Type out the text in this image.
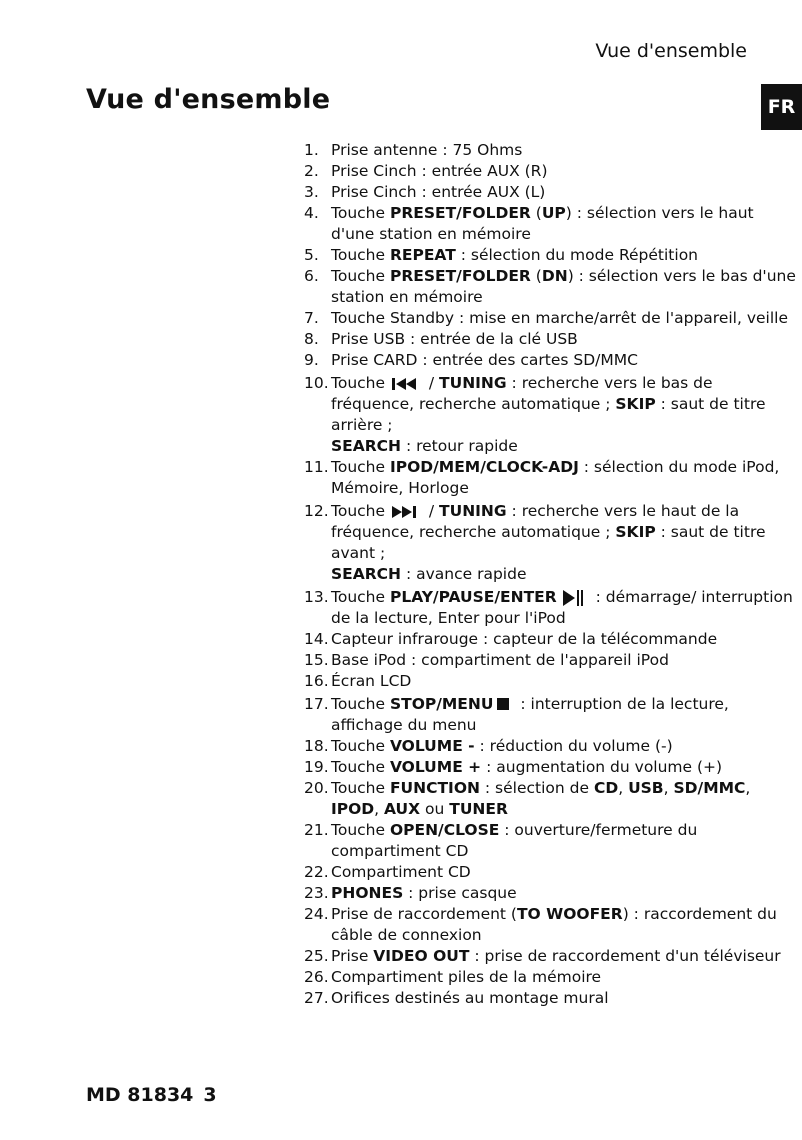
Vue d'ensemble
Vue d'ensemble	FR
1. Prise antenne : 75 Ohms
2. Prise Cinch : entrée AUX (R)
3. Prise Cinch : entrée AUX (L)
4. Touche PRESET/FOLDER (UP) : sélection vers le haut d'une station en mémoire
5. Touche REPEAT : sélection du mode Répétition
6. Touche PRESET/FOLDER (DN) : sélection vers le bas d'une station en mémoire
7. Touche Standby : mise en marche/arrêt de l'appareil, veille
8. Prise USB : entrée de la clé USB
9. Prise CARD : entrée des cartes SD/MMC
10. Touche
/ TUNING : recherche vers le bas de fréquence, recherche automatique ; SKIP : saut de titre arrière ;
SEARCH : retour rapide
11. Touche IPOD/MEM/CLOCK-ADJ : sélection du mode iPod, Mémoire, Horloge
12. Touche
/ TUNING : recherche vers le haut de la fréquence, recherche automatique ; SKIP : saut de titre avant ;
SEARCH : avance rapide
13. Touche PLAY/PAUSE/ENTER : démarrage/ interruption de la lecture, Enter pour l'iPod
14. Capteur infrarouge : capteur de la télécommande
15. Base iPod : compartiment de l'appareil iPod
16. Écran LCD
17. Touche STOP/MENU : interruption de la lecture, affichage du menu
18. Touche VOLUME - : réduction du volume (-)
19. Touche VOLUME + : augmentation du volume (+)
20. Touche FUNCTION : sélection de CD, USB, SD/MMC, IPOD, AUX ou TUNER
21. Touche OPEN/CLOSE : ouverture/fermeture du compartiment CD
22. Compartiment CD
23. PHONES : prise casque
24. Prise de raccordement (TO WOOFER) : raccordement du câble de connexion
25. Prise VIDEO OUT : prise de raccordement d'un téléviseur
26. Compartiment piles de la mémoire
27. Orifices destinés au montage mural
MD 81834 3
